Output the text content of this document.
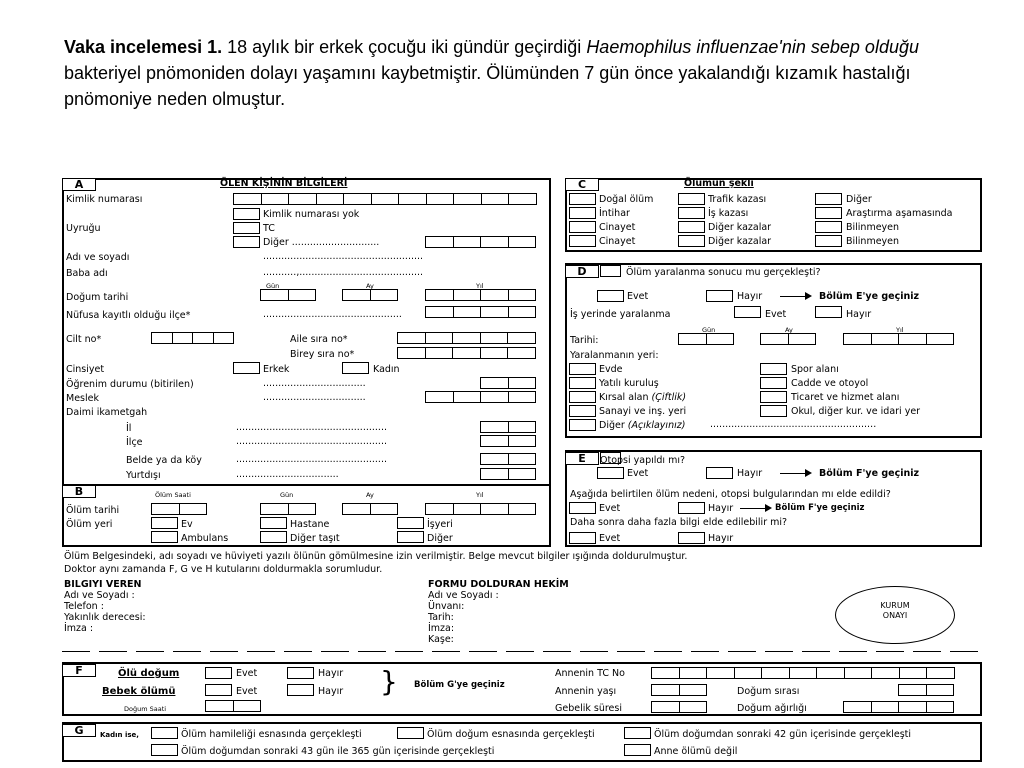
Vaka incelemesi 1. 18 aylık bir erkek çocuğu iki gündür geçirdiği Haemophilus influenzae'nin sebep olduğu bakteriyel pnömoniden dolayı yaşamını kaybetmiştir. Ölümünden 7 gün önce yakalandığı kızamık hastalığı pnömoniye neden olmuştur.
A	ÖLEN KİŞİNİN BİLGİLERİ
Kimlik numarası
Kimlik numarası yok
Uyruğu	TC
Diğer .............................
Adı ve soyadı	.....................................................
Baba adı	...........‚.........................................
Gün	Ay	Yıl
Doğum tarihi
Nüfusa kayıtlı olduğu ilçe*	..............................................
Cilt no*	Aile sıra no*
Birey sıra no*
Cinsiyet	Erkek	Kadın
Öğrenim durumu (bitirilen)	..................................
Meslek	..................................
Daimi ikametgah
İl	..................................................
İlçe	..................................................
Belde ya da köy	..................................................
Yurtdışı	..................................
B	Ölüm Saati	Gün	Ay	Yıl
Ölüm tarihi
Ölüm yeri	Ev	Hastane	İşyeri
Ambulans	Diğer taşıt	Diğer
C	Ölümün şekli
Doğal ölüm	Trafik kazası	Diğer
İntihar	İş kazası	Araştırma aşamasında
Cinayet	Diğer kazalar	Bilinmeyen
Cinayet	Diğer kazalar	Bilinmeyen
D	Ölüm yaralanma sonucu mu gerçekleşti?
Evet	Hayır	Bölüm E'ye geçiniz
İş yerinde yaralanma	Evet	Hayır
Gün	Ay	Yıl
Tarihi:
Yaralanmanın yeri:
Evde	Spor alanı
Yatılı kuruluş	Cadde ve otoyol
Kırsal alan (Çiftlik)	Ticaret ve hizmet alanı
Sanayi ve inş. yeri	Okul, diğer kur. ve idari yer
Diğer (Açıklayınız)	.....................................................‥
E	Otopsi yapıldı mı?
Evet	Hayır	Bölüm F'ye geçiniz
Aşağıda belirtilen ölüm nedeni, otopsi bulgularından mı elde edildi?
Evet	Hayır	Bölüm F'ye geçiniz
Daha sonra daha fazla bilgi elde edilebilir mi?
Evet	Hayır
Ölüm Belgesindeki, adı soyadı ve hüviyeti yazılı ölünün gömülmesine izin verilmiştir. Belge mevcut bilgiler ışığında doldurulmuştur.
Doktor aynı zamanda F, G ve H kutularını doldurmakla sorumludur.
BILGIYI VEREN
Adı ve Soyadı :
Telefon :
Yakınlık derecesi:
İmza :
FORMU DOLDURAN HEKİM
Adı ve Soyadı :
Ünvanı:
Tarih:
İmza:
Kaşe:
KURUM
ONAYI
F	Ölü doğum	Evet	Hayır
Bebek ölümü	Evet	Hayır
Doğum Saati
} Bölüm G'ye geçiniz
Annenin TC No
Annenin yaşı	Doğum sırası
Gebelik süresi	Doğum ağırlığı
G	Kadın ise,	Ölüm hamileliği esnasında gerçekleşti	Ölüm doğum esnasında gerçekleşti	Ölüm doğumdan sonraki 42 gün içerisinde gerçekleşti
Ölüm doğumdan sonraki 43 gün ile 365 gün içerisinde gerçekleşti	Anne ölümü değil
